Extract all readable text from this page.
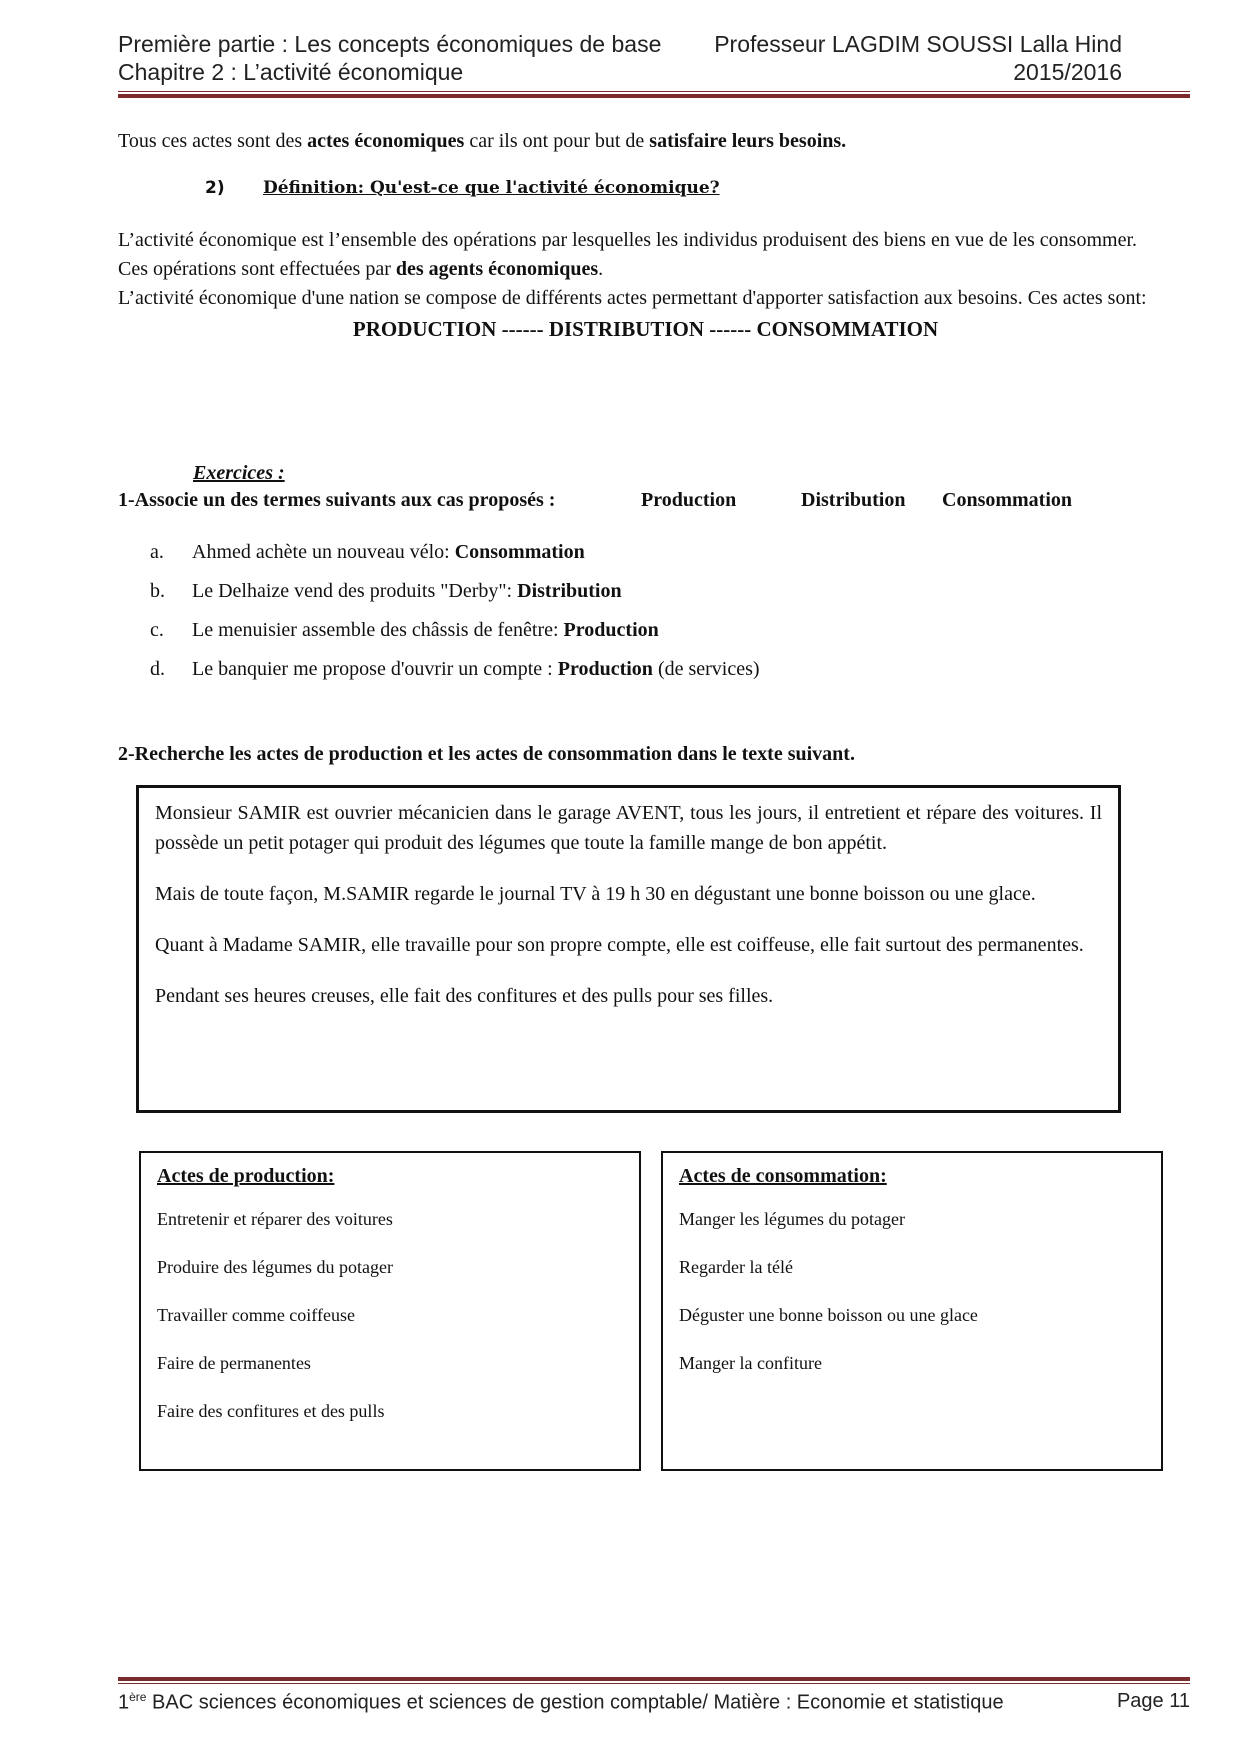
Première partie : Les concepts économiques de base Professeur LAGDIM SOUSSI Lalla Hind
Chapitre 2 : L’activité économique	2015/2016
Tous ces actes sont des actes économiques car ils ont pour but de satisfaire leurs besoins.
2) Définition: Qu'est-ce que l'activité économique?

L’activité économique est l’ensemble des opérations par lesquelles les individus produisent des biens en vue de les consommer.

Ces opérations sont effectuées par des agents économiques.

L’activité économique d'une nation se compose de différents actes permettant d'apporter satisfaction aux besoins. Ces actes sont:

PRODUCTION ------ DISTRIBUTION ------ CONSOMMATION

Exercices :
1-Associe un des termes suivants aux cas proposés :	Production	Distribution Consommation
a. Ahmed achète un nouveau vélo: Consommation
b. Le Delhaize vend des produits "Derby": Distribution
c. Le menuisier assemble des châssis de fenêtre: Production
d. Le banquier me propose d'ouvrir un compte : Production (de services)
2-Recherche les actes de production et les actes de consommation dans le texte suivant.

Monsieur SAMIR est ouvrier mécanicien dans le garage AVENT, tous les jours, il entretient et répare des voitures. Il possède un petit potager qui produit des légumes que toute la famille mange de bon appétit.

Mais de toute façon, M.SAMIR regarde le journal TV à 19 h 30 en dégustant une bonne boisson ou une glace.

Quant à Madame SAMIR, elle travaille pour son propre compte, elle est coiffeuse, elle fait surtout des permanentes.

Pendant ses heures creuses, elle fait des confitures et des pulls pour ses filles.

Actes de production:
Entretenir et réparer des voitures
Produire des légumes du potager
Travailler comme coiffeuse
Faire de permanentes
Faire des confitures et des pulls
Actes de consommation:
Manger les légumes du potager
Regarder la télé
Déguster une bonne boisson ou une glace
Manger la confiture
1ère BAC sciences économiques et sciences de gestion comptable/ Matière : Economie et statistique	Page 11
